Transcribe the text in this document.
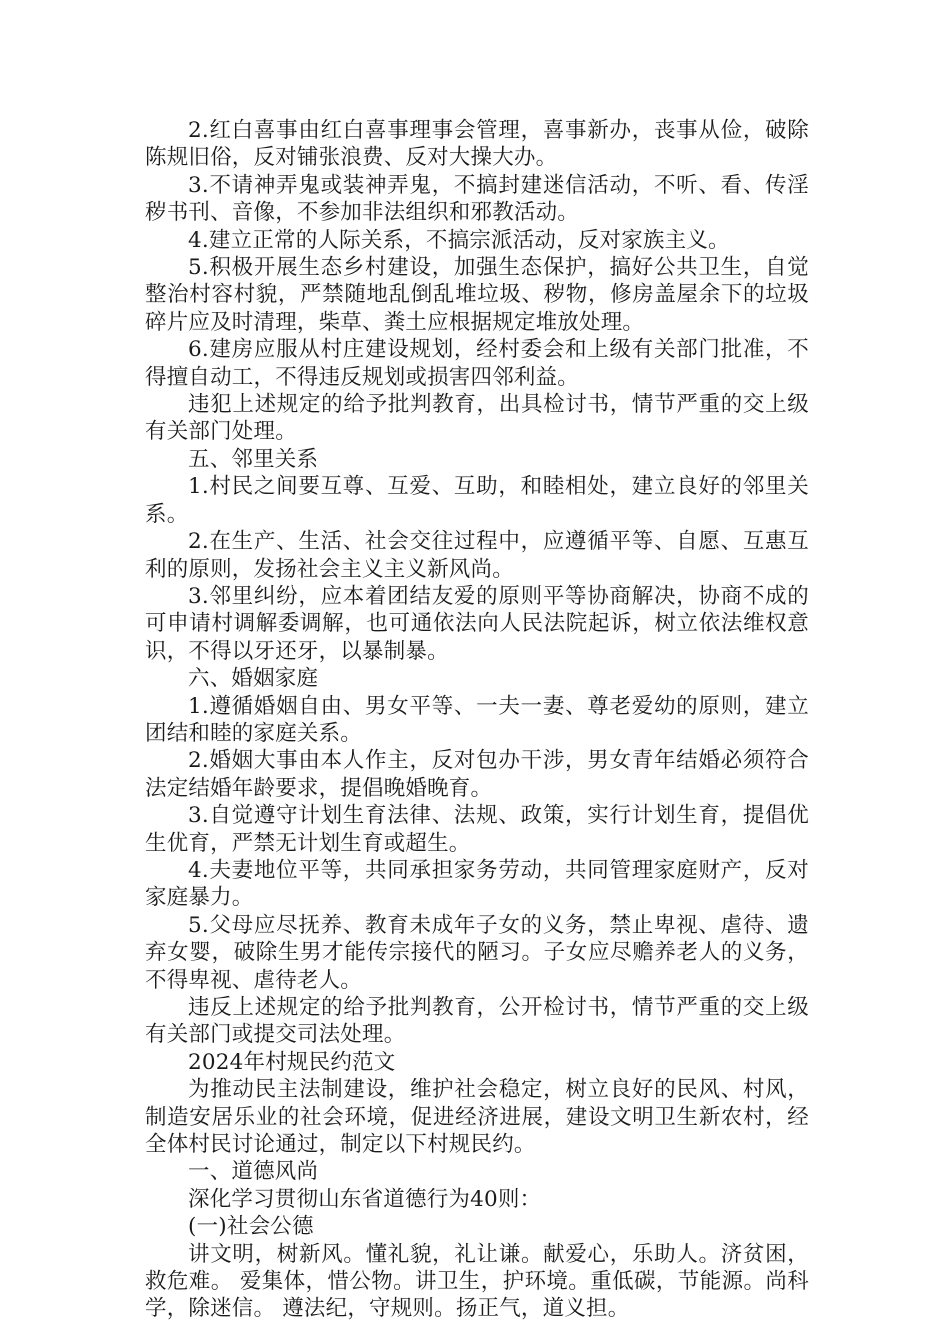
2.红白喜事由红白喜事理事会管理，喜事新办，丧事从俭，破除陈规旧俗，反对铺张浪费、反对大操大办。

3.不请神弄鬼或装神弄鬼，不搞封建迷信活动，不听、看、传淫秽书刊、音像，不参加非法组织和邪教活动。

4.建立正常的人际关系，不搞宗派活动，反对家族主义。

5.积极开展生态乡村建设，加强生态保护，搞好公共卫生，自觉整治村容村貌，严禁随地乱倒乱堆垃圾、秽物，修房盖屋余下的垃圾碎片应及时清理，柴草、粪土应根据规定堆放处理。

6.建房应服从村庄建设规划，经村委会和上级有关部门批准，不得擅自动工，不得违反规划或损害四邻利益。

违犯上述规定的给予批判教育，出具检讨书，情节严重的交上级有关部门处理。

五、邻里关系

1.村民之间要互尊、互爱、互助，和睦相处，建立良好的邻里关系。

2.在生产、生活、社会交往过程中，应遵循平等、自愿、互惠互利的原则，发扬社会主义主义新风尚。

3.邻里纠纷，应本着团结友爱的原则平等协商解决，协商不成的可申请村调解委调解，也可通依法向人民法院起诉，树立依法维权意识，不得以牙还牙，以暴制暴。

六、婚姻家庭

1.遵循婚姻自由、男女平等、一夫一妻、尊老爱幼的原则，建立团结和睦的家庭关系。

2.婚姻大事由本人作主，反对包办干涉，男女青年结婚必须符合法定结婚年龄要求，提倡晚婚晚育。

3.自觉遵守计划生育法律、法规、政策，实行计划生育，提倡优生优育，严禁无计划生育或超生。

4.夫妻地位平等，共同承担家务劳动，共同管理家庭财产，反对家庭暴力。

5.父母应尽抚养、教育未成年子女的义务，禁止卑视、虐待、遗弃女婴，破除生男才能传宗接代的陋习。子女应尽赡养老人的义务，不得卑视、虐待老人。

违反上述规定的给予批判教育，公开检讨书，情节严重的交上级有关部门或提交司法处理。

2024年村规民约范文

为推动民主法制建设，维护社会稳定，树立良好的民风、村风，制造安居乐业的社会环境，促进经济进展，建设文明卫生新农村，经全体村民讨论通过，制定以下村规民约。

一、道德风尚

深化学习贯彻山东省道德行为40则：

(一)社会公德

讲文明，树新风。懂礼貌，礼让谦。献爱心，乐助人。济贫困，救危难。 爱集体，惜公物。讲卫生，护环境。重低碳，节能源。尚科学，除迷信。 遵法纪，守规则。扬正气，道义担。
